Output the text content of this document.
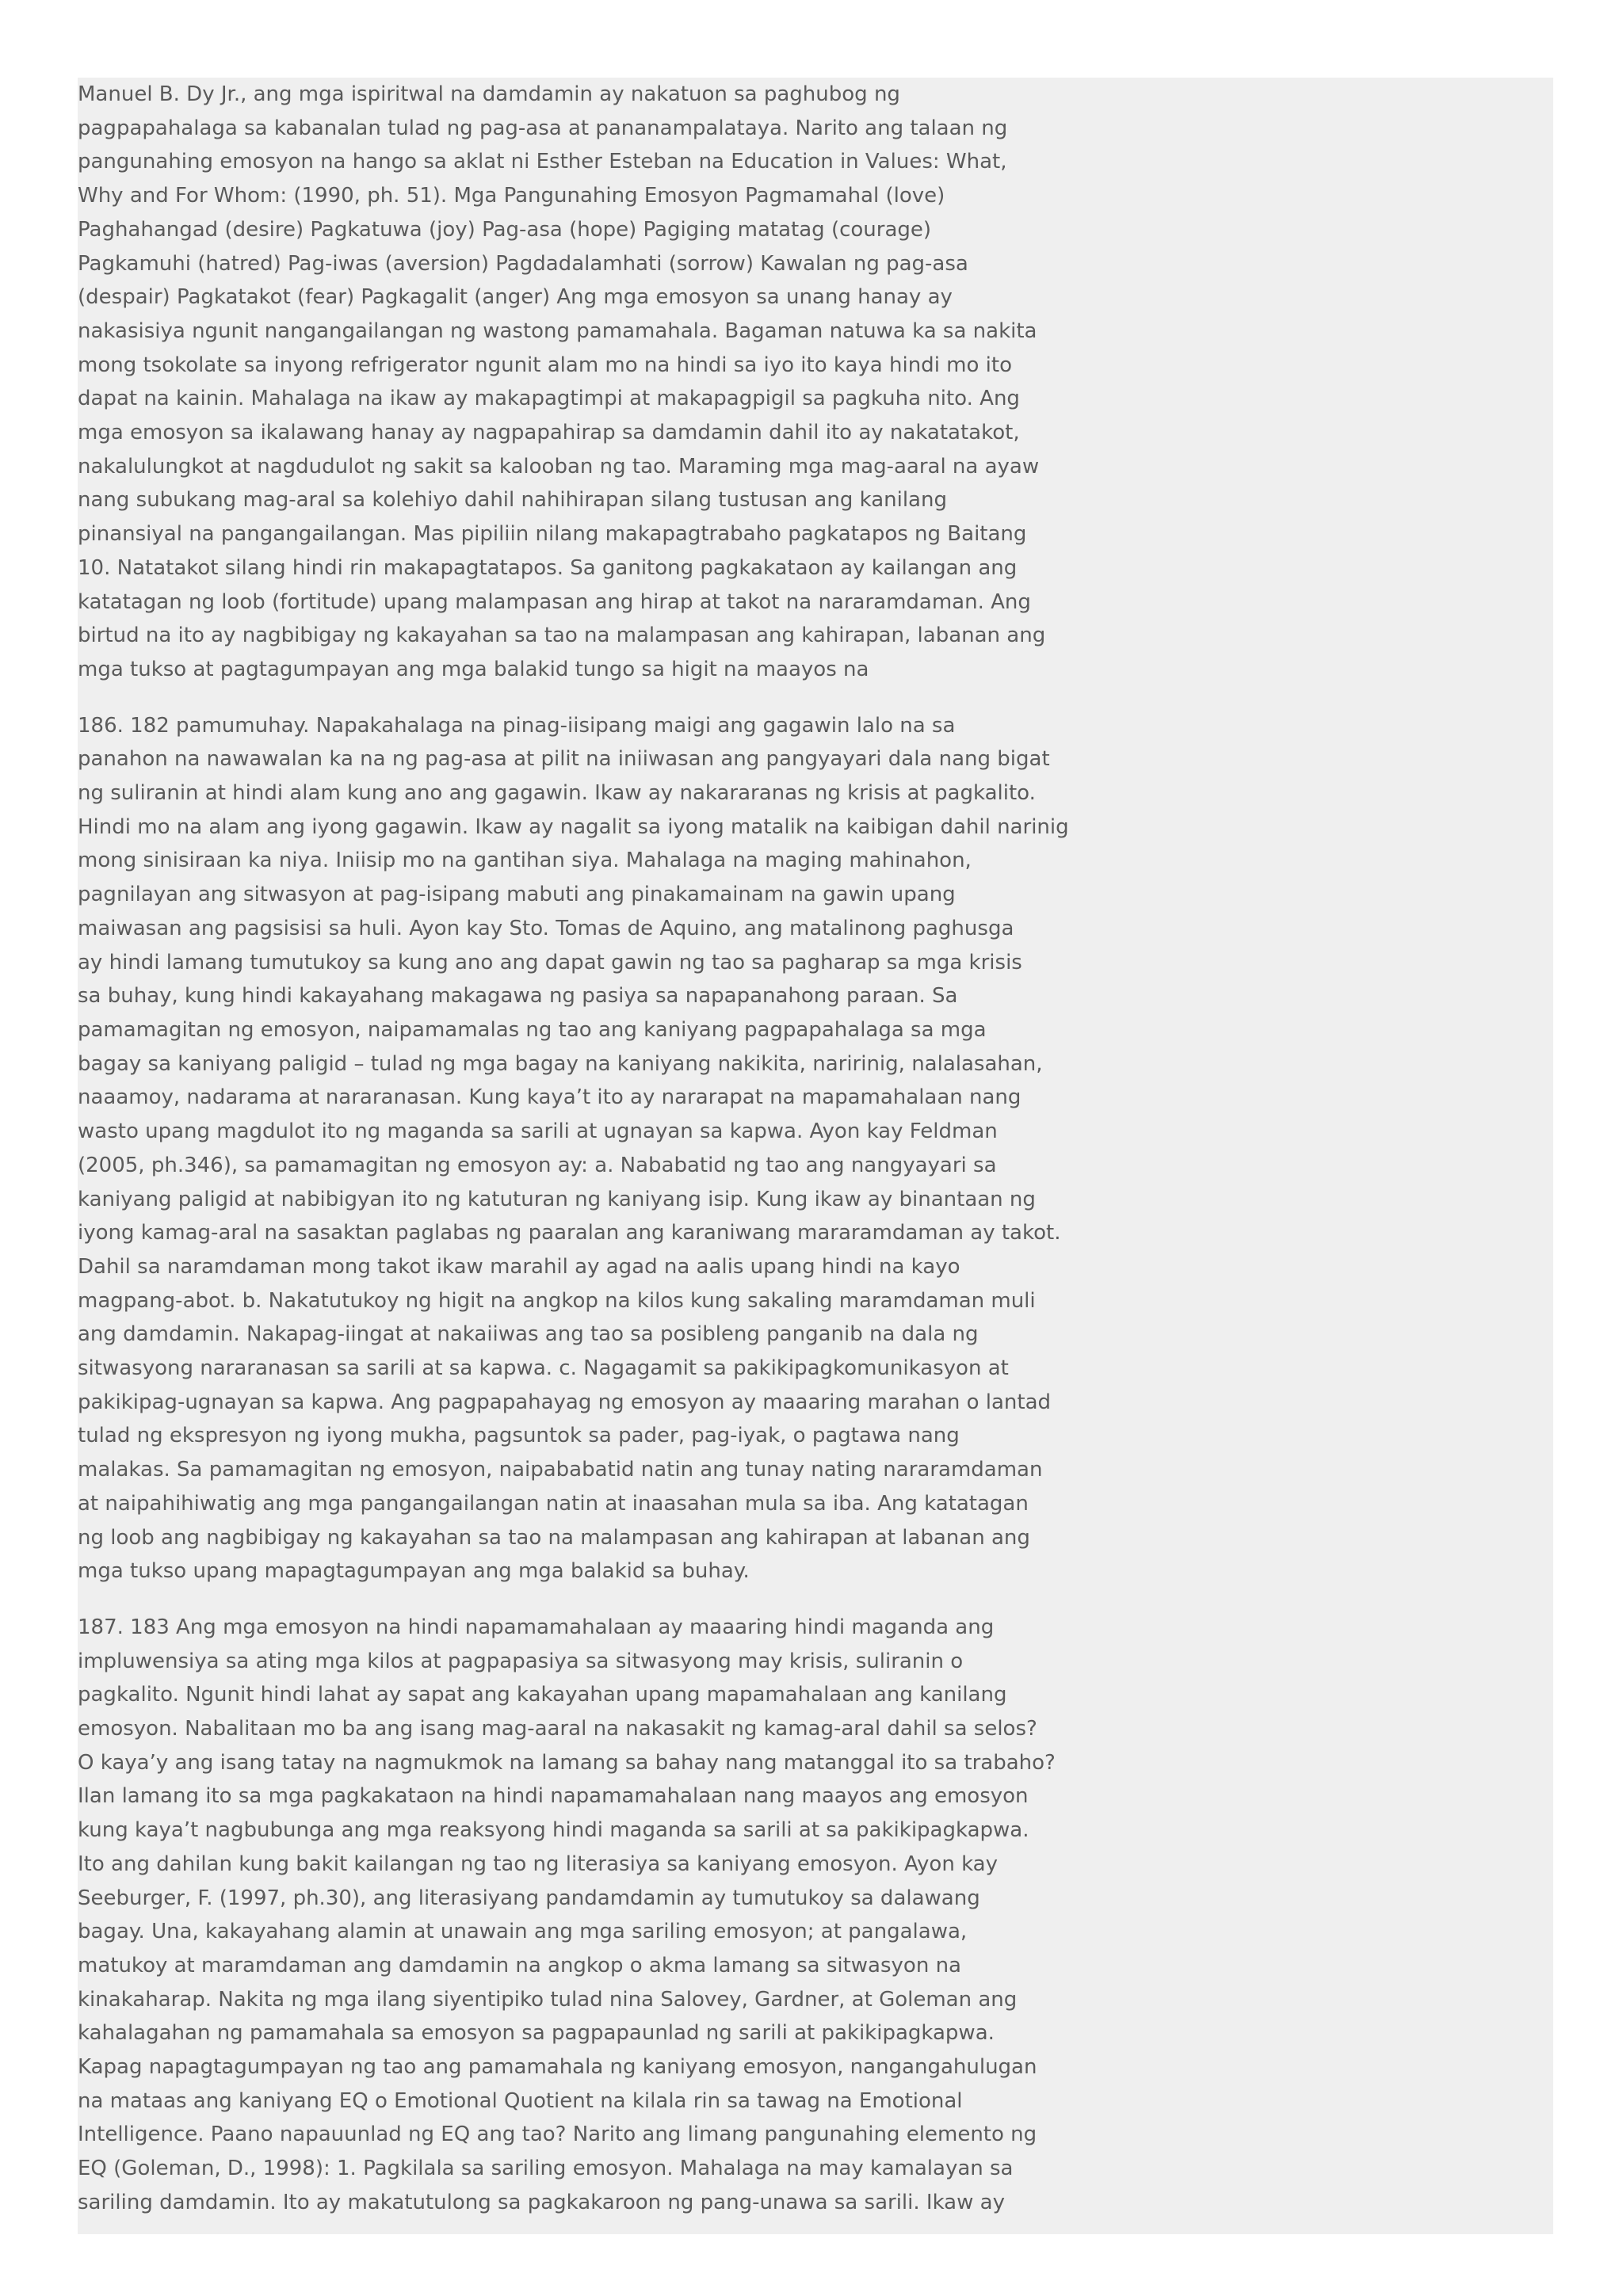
Manuel B. Dy Jr., ang mga ispiritwal na damdamin ay nakatuon sa paghubog ng
pagpapahalaga sa kabanalan tulad ng pag-asa at pananampalataya. Narito ang talaan ng
pangunahing emosyon na hango sa aklat ni Esther Esteban na Education in Values: What,
Why and For Whom: (1990, ph. 51). Mga Pangunahing Emosyon Pagmamahal (love)
Paghahangad (desire) Pagkatuwa (joy) Pag-asa (hope) Pagiging matatag (courage)
Pagkamuhi (hatred) Pag-iwas (aversion) Pagdadalamhati (sorrow) Kawalan ng pag-asa
(despair) Pagkatakot (fear) Pagkagalit (anger) Ang mga emosyon sa unang hanay ay
nakasisiya ngunit nangangailangan ng wastong pamamahala. Bagaman natuwa ka sa nakita
mong tsokolate sa inyong refrigerator ngunit alam mo na hindi sa iyo ito kaya hindi mo ito
dapat na kainin. Mahalaga na ikaw ay makapagtimpi at makapagpigil sa pagkuha nito. Ang
mga emosyon sa ikalawang hanay ay nagpapahirap sa damdamin dahil ito ay nakatatakot,
nakalulungkot at nagdudulot ng sakit sa kalooban ng tao. Maraming mga mag-aaral na ayaw
nang subukang mag-aral sa kolehiyo dahil nahihirapan silang tustusan ang kanilang
pinansiyal na pangangailangan. Mas pipiliin nilang makapagtrabaho pagkatapos ng Baitang
10. Natatakot silang hindi rin makapagtatapos. Sa ganitong pagkakataon ay kailangan ang
katatagan ng loob (fortitude) upang malampasan ang hirap at takot na nararamdaman. Ang
birtud na ito ay nagbibigay ng kakayahan sa tao na malampasan ang kahirapan, labanan ang
mga tukso at pagtagumpayan ang mga balakid tungo sa higit na maayos na
186. 182 pamumuhay. Napakahalaga na pinag-iisipang maigi ang gagawin lalo na sa
panahon na nawawalan ka na ng pag-asa at pilit na iniiwasan ang pangyayari dala nang bigat
ng suliranin at hindi alam kung ano ang gagawin. Ikaw ay nakararanas ng krisis at pagkalito.
Hindi mo na alam ang iyong gagawin. Ikaw ay nagalit sa iyong matalik na kaibigan dahil narinig
mong sinisiraan ka niya. Iniisip mo na gantihan siya. Mahalaga na maging mahinahon,
pagnilayan ang sitwasyon at pag-isipang mabuti ang pinakamainam na gawin upang
maiwasan ang pagsisisi sa huli. Ayon kay Sto. Tomas de Aquino, ang matalinong paghusga
ay hindi lamang tumutukoy sa kung ano ang dapat gawin ng tao sa pagharap sa mga krisis
sa buhay, kung hindi kakayahang makagawa ng pasiya sa napapanahong paraan. Sa
pamamagitan ng emosyon, naipamamalas ng tao ang kaniyang pagpapahalaga sa mga
bagay sa kaniyang paligid – tulad ng mga bagay na kaniyang nakikita, naririnig, nalalasahan,
naaamoy, nadarama at nararanasan. Kung kaya’t ito ay nararapat na mapamahalaan nang
wasto upang magdulot ito ng maganda sa sarili at ugnayan sa kapwa. Ayon kay Feldman
(2005, ph.346), sa pamamagitan ng emosyon ay: a. Nababatid ng tao ang nangyayari sa
kaniyang paligid at nabibigyan ito ng katuturan ng kaniyang isip. Kung ikaw ay binantaan ng
iyong kamag-aral na sasaktan paglabas ng paaralan ang karaniwang mararamdaman ay takot.
Dahil sa naramdaman mong takot ikaw marahil ay agad na aalis upang hindi na kayo
magpang-abot. b. Nakatutukoy ng higit na angkop na kilos kung sakaling maramdaman muli
ang damdamin. Nakapag-iingat at nakaiiwas ang tao sa posibleng panganib na dala ng
sitwasyong nararanasan sa sarili at sa kapwa. c. Nagagamit sa pakikipagkomunikasyon at
pakikipag-ugnayan sa kapwa. Ang pagpapahayag ng emosyon ay maaaring marahan o lantad
tulad ng ekspresyon ng iyong mukha, pagsuntok sa pader, pag-iyak, o pagtawa nang
malakas. Sa pamamagitan ng emosyon, naipababatid natin ang tunay nating nararamdaman
at naipahihiwatig ang mga pangangailangan natin at inaasahan mula sa iba. Ang katatagan
ng loob ang nagbibigay ng kakayahan sa tao na malampasan ang kahirapan at labanan ang
mga tukso upang mapagtagumpayan ang mga balakid sa buhay.
187. 183 Ang mga emosyon na hindi napamamahalaan ay maaaring hindi maganda ang
impluwensiya sa ating mga kilos at pagpapasiya sa sitwasyong may krisis, suliranin o
pagkalito. Ngunit hindi lahat ay sapat ang kakayahan upang mapamahalaan ang kanilang
emosyon. Nabalitaan mo ba ang isang mag-aaral na nakasakit ng kamag-aral dahil sa selos?
O kaya’y ang isang tatay na nagmukmok na lamang sa bahay nang matanggal ito sa trabaho?
Ilan lamang ito sa mga pagkakataon na hindi napamamahalaan nang maayos ang emosyon
kung kaya’t nagbubunga ang mga reaksyong hindi maganda sa sarili at sa pakikipagkapwa.
Ito ang dahilan kung bakit kailangan ng tao ng literasiya sa kaniyang emosyon. Ayon kay
Seeburger, F. (1997, ph.30), ang literasiyang pandamdamin ay tumutukoy sa dalawang
bagay. Una, kakayahang alamin at unawain ang mga sariling emosyon; at pangalawa,
matukoy at maramdaman ang damdamin na angkop o akma lamang sa sitwasyon na
kinakaharap. Nakita ng mga ilang siyentipiko tulad nina Salovey, Gardner, at Goleman ang
kahalagahan ng pamamahala sa emosyon sa pagpapaunlad ng sarili at pakikipagkapwa.
Kapag napagtagumpayan ng tao ang pamamahala ng kaniyang emosyon, nangangahulugan
na mataas ang kaniyang EQ o Emotional Quotient na kilala rin sa tawag na Emotional
Intelligence. Paano napauunlad ng EQ ang tao? Narito ang limang pangunahing elemento ng
EQ (Goleman, D., 1998): 1. Pagkilala sa sariling emosyon. Mahalaga na may kamalayan sa
sariling damdamin. Ito ay makatutulong sa pagkakaroon ng pang-unawa sa sarili. Ikaw ay
